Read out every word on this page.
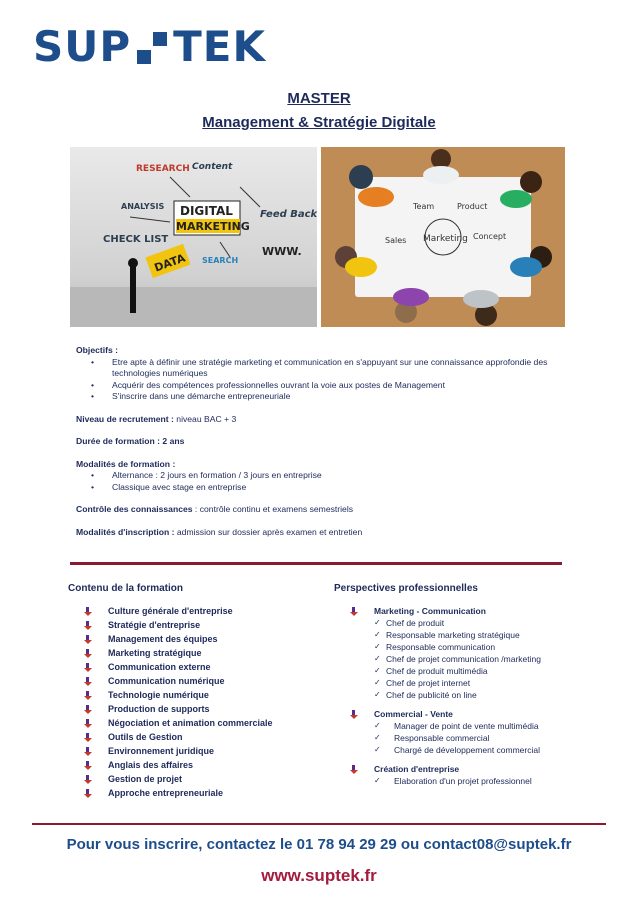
SUP TEK
MASTER
Management & Stratégie Digitale
RESEARCH Content
ANALYSIS DIGITAL
MARKETING
Feed Back
CHECK LIST
DATA SEARCH
WWW.
Team	Product
Marketing Concept
Sales
Objectifs :
• Etre apte à définir une stratégie marketing et communication en s'appuyant sur une connaissance approfondie des technologies numériques
• Acquérir des compétences professionnelles ouvrant la voie aux postes de Management
• S'inscrire dans une démarche entrepreneuriale
Niveau de recrutement : niveau BAC + 3
Durée de formation : 2 ans
Modalités de formation :
• Alternance : 2 jours en formation / 3 jours en entreprise
• Classique avec stage en entreprise
Contrôle des connaissances : contrôle continu et examens semestriels
Modalités d'inscription : admission sur dossier après examen et entretien
Contenu de la formation	Perspectives professionnelles
Culture générale d'entreprise
Stratégie d'entreprise
Management des équipes
Marketing stratégique
Communication externe
Communication numérique
Technologie numérique
Production de supports
Négociation et animation commerciale
Outils de Gestion
Environnement juridique
Anglais des affaires
Gestion de projet
Approche entrepreneuriale
Marketing - Communication
✓ Chef de produit
✓ Responsable marketing stratégique
✓ Responsable communication
✓ Chef de projet communication /marketing
✓ Chef de produit multimédia
✓ Chef de projet internet
✓ Chef de publicité on line
Commercial - Vente
✓ Manager de point de vente multimédia
✓ Responsable commercial
✓ Chargé de développement commercial
Création d'entreprise
✓ Elaboration d'un projet professionnel
Pour vous inscrire, contactez le 01 78 94 29 29 ou contact08@suptek.fr
www.suptek.fr
